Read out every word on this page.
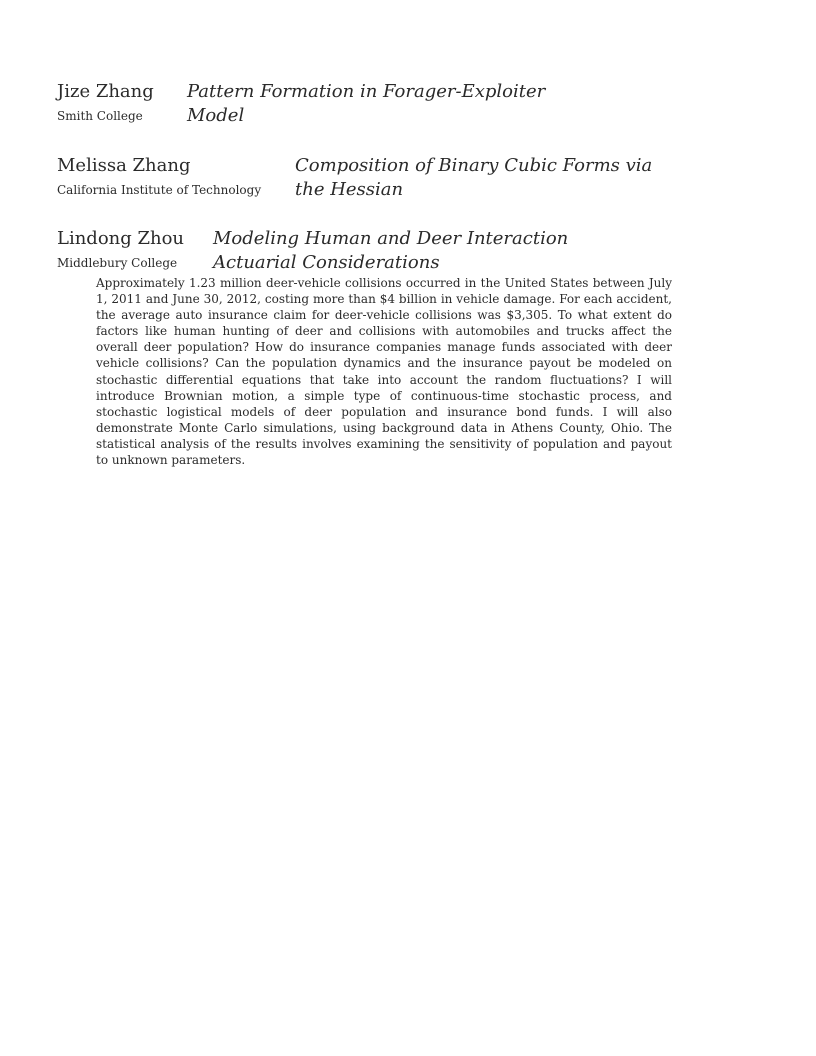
Jize Zhang
Smith College
Pattern Formation in Forager-Exploiter
Model
Melissa Zhang
California Institute of Technology
Composition of Binary Cubic Forms via
the Hessian
Lindong Zhou
Middlebury College
Modeling Human and Deer Interaction
Actuarial Considerations
Approximately 1.23 million deer-vehicle collisions occurred in the United States between July 1, 2011 and June 30, 2012, costing more than $4 billion in vehicle damage. For each accident, the average auto insurance claim for deer-vehicle collisions was $3,305. To what extent do factors like human hunting of deer and collisions with automobiles and trucks affect the overall deer population? How do insurance companies manage funds associated with deer vehicle collisions? Can the population dynamics and the insurance payout be modeled on stochastic differential equations that take into account the random fluctuations? I will introduce Brownian motion, a simple type of continuous-time stochastic process, and stochastic logistical models of deer population and insurance bond funds. I will also demonstrate Monte Carlo simulations, using background data in Athens County, Ohio. The statistical analysis of the results involves examining the sensitivity of population and payout to unknown parameters.
